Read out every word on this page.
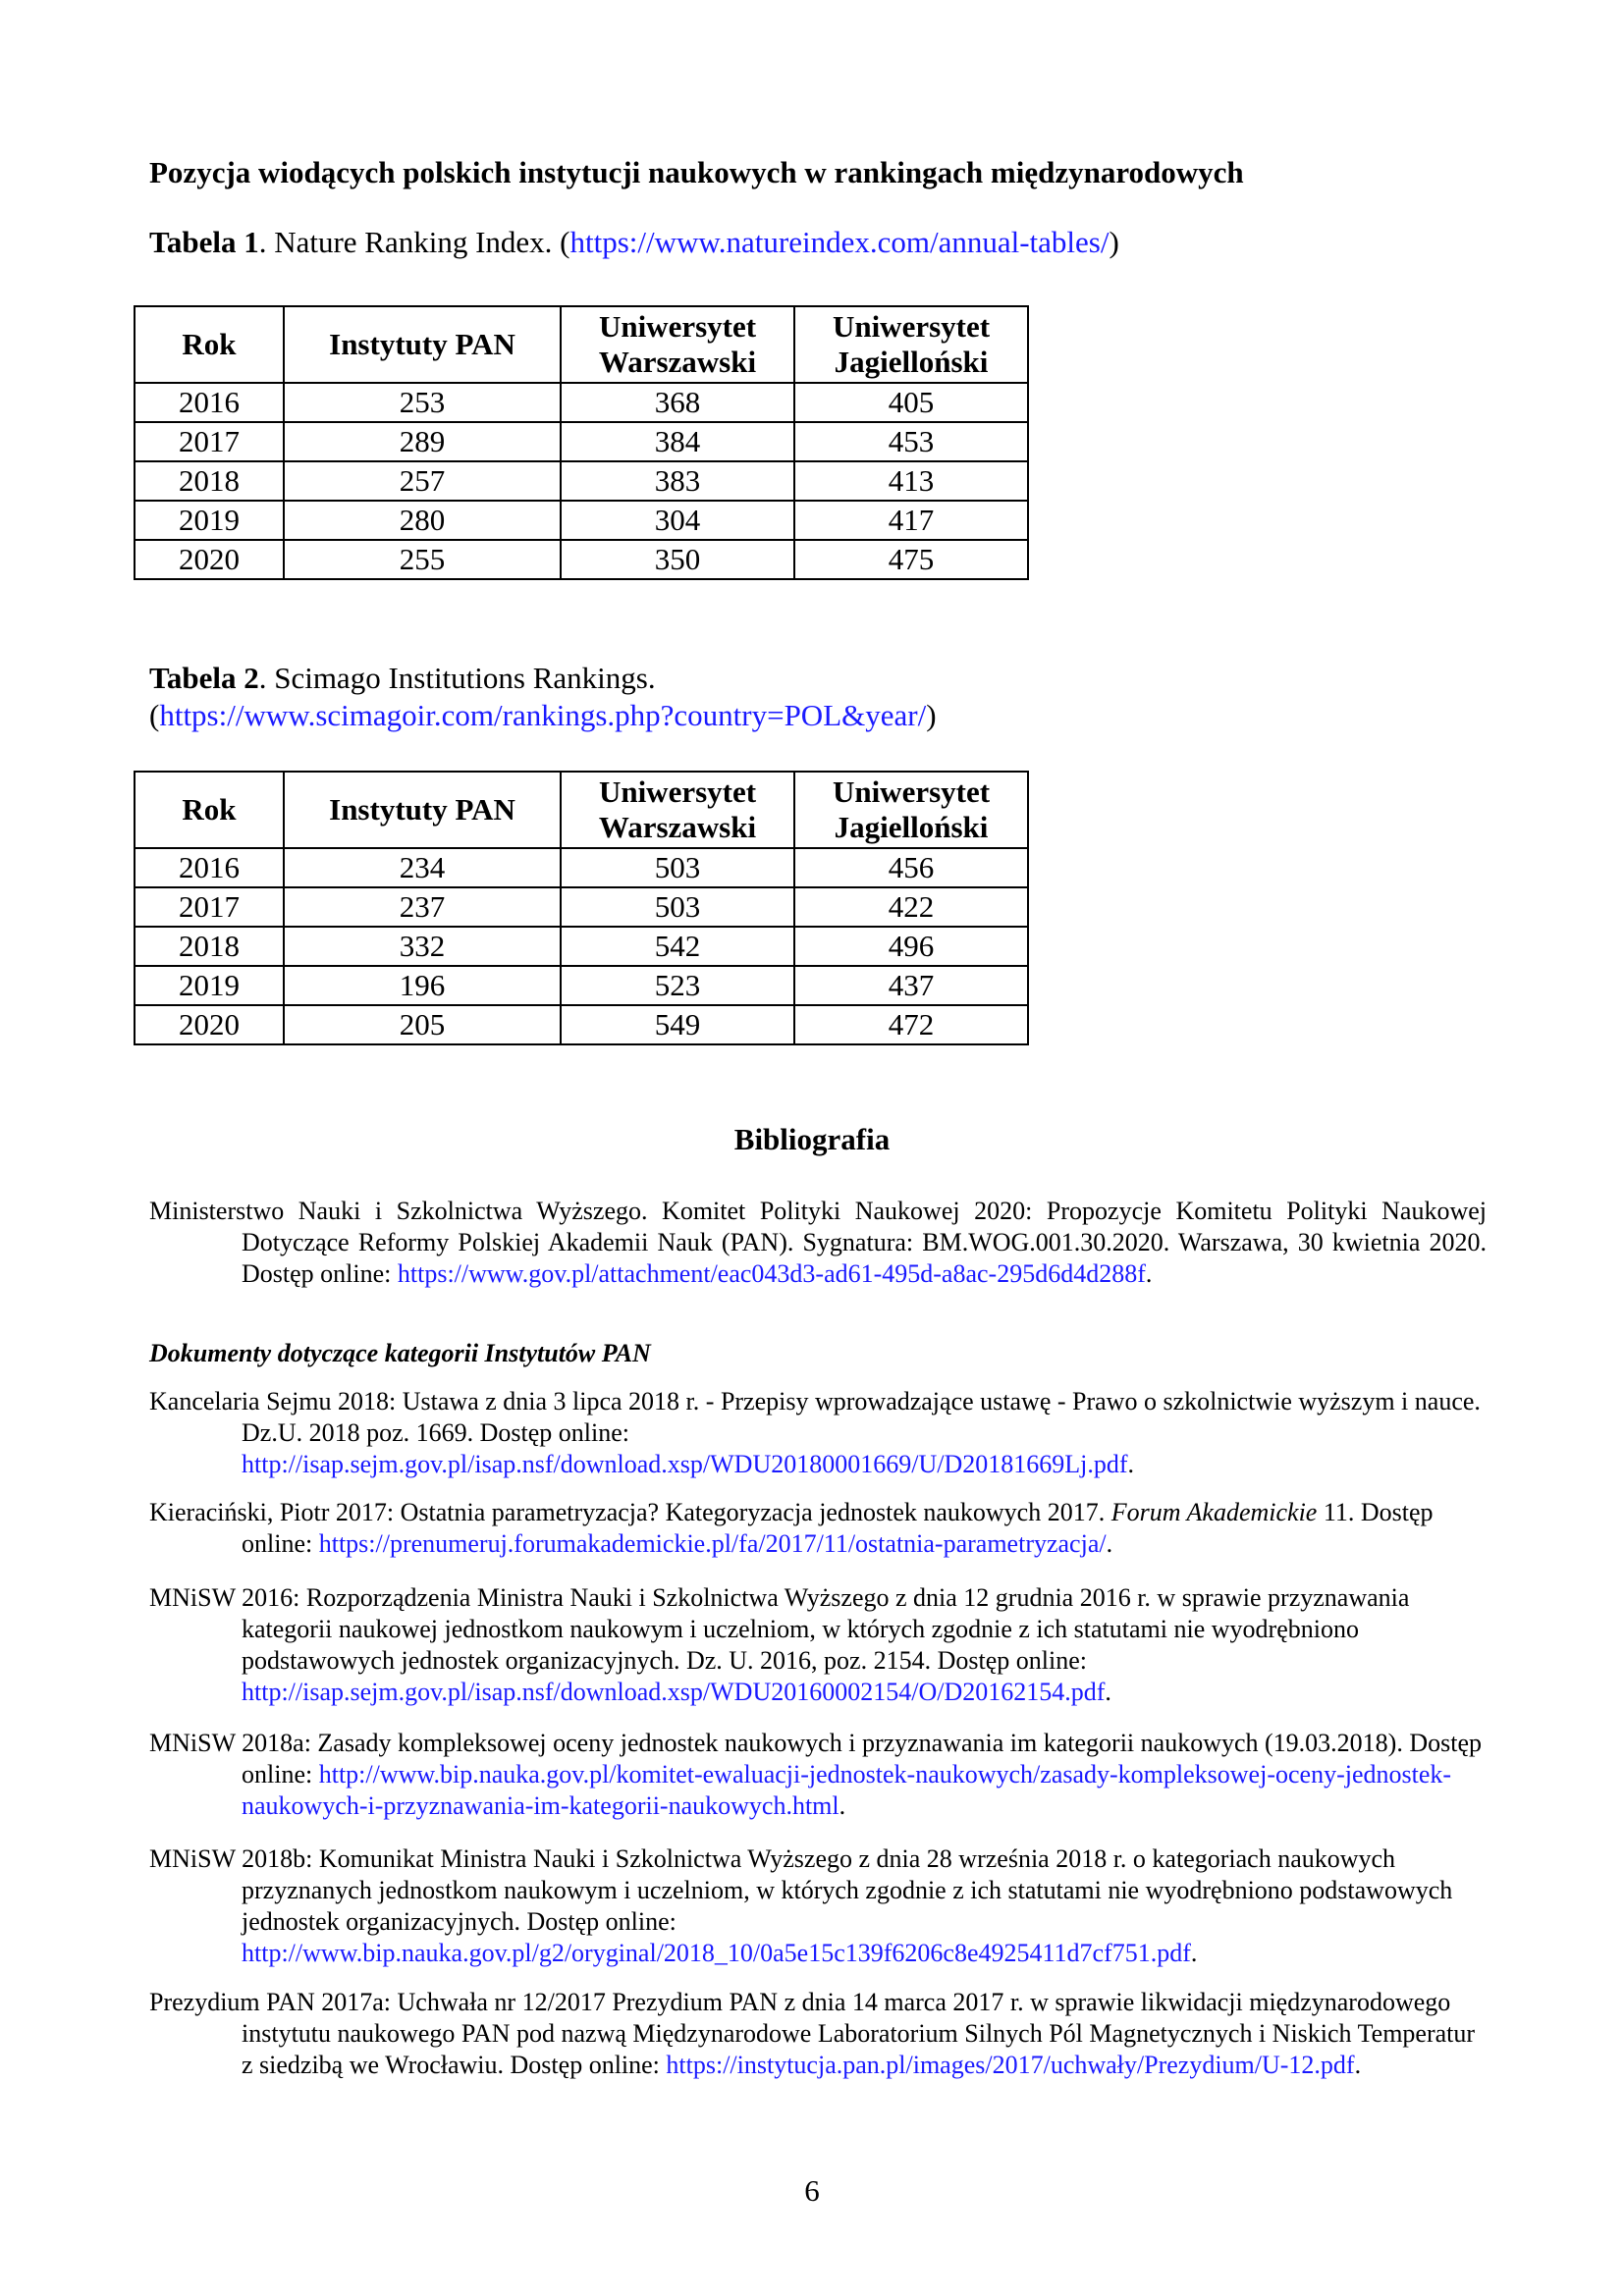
Pozycja wiodących polskich instytucji naukowych w rankingach międzynarodowych
Tabela 1. Nature Ranking Index. (https://www.natureindex.com/annual-tables/)
Rok	Instytuty PAN	Uniwersytet Warszawski	Uniwersytet Jagielloński
2016	253	368	405
2017	289	384	453
2018	257	383	413
2019	280	304	417
2020	255	350	475
Tabela 2. Scimago Institutions Rankings.
(https://www.scimagoir.com/rankings.php?country=POL&year/)
Rok	Instytuty PAN	Uniwersytet Warszawski	Uniwersytet Jagielloński
2016	234	503	456
2017	237	503	422
2018	332	542	496
2019	196	523	437
2020	205	549	472
Bibliografia
Ministerstwo Nauki i Szkolnictwa Wyższego. Komitet Polityki Naukowej 2020: Propozycje Komitetu Polityki Naukowej Dotyczące Reformy Polskiej Akademii Nauk (PAN). Sygnatura: BM.WOG.001.30.2020. Warszawa, 30 kwietnia 2020. Dostęp online: https://www.gov.pl/attachment/eac043d3-ad61-495d-a8ac-295d6d4d288f.
Dokumenty dotyczące kategorii Instytutów PAN
Kancelaria Sejmu 2018: Ustawa z dnia 3 lipca 2018 r. - Przepisy wprowadzające ustawę - Prawo o szkolnictwie wyższym i nauce. Dz.U. 2018 poz. 1669. Dostęp online: http://isap.sejm.gov.pl/isap.nsf/download.xsp/WDU20180001669/U/D20181669Lj.pdf.
Kieraciński, Piotr 2017: Ostatnia parametryzacja? Kategoryzacja jednostek naukowych 2017. Forum Akademickie 11. Dostęp online: https://prenumeruj.forumakademickie.pl/fa/2017/11/ostatnia-parametryzacja/.
MNiSW 2016: Rozporządzenia Ministra Nauki i Szkolnictwa Wyższego z dnia 12 grudnia 2016 r. w sprawie przyznawania kategorii naukowej jednostkom naukowym i uczelniom, w których zgodnie z ich statutami nie wyodrębniono podstawowych jednostek organizacyjnych. Dz. U. 2016, poz. 2154. Dostęp online: http://isap.sejm.gov.pl/isap.nsf/download.xsp/WDU20160002154/O/D20162154.pdf.
MNiSW 2018a: Zasady kompleksowej oceny jednostek naukowych i przyznawania im kategorii naukowych (19.03.2018). Dostęp online: http://www.bip.nauka.gov.pl/komitet-ewaluacji-jednostek-naukowych/zasady-kompleksowej-oceny-jednostek-naukowych-i-przyznawania-im-kategorii-naukowych.html.
MNiSW 2018b: Komunikat Ministra Nauki i Szkolnictwa Wyższego z dnia 28 września 2018 r. o kategoriach naukowych przyznanych jednostkom naukowym i uczelniom, w których zgodnie z ich statutami nie wyodrębniono podstawowych jednostek organizacyjnych. Dostęp online: http://www.bip.nauka.gov.pl/g2/oryginal/2018_10/0a5e15c139f6206c8e4925411d7cf751.pdf.
Prezydium PAN 2017a: Uchwała nr 12/2017 Prezydium PAN z dnia 14 marca 2017 r. w sprawie likwidacji międzynarodowego instytutu naukowego PAN pod nazwą Międzynarodowe Laboratorium Silnych Pól Magnetycznych i Niskich Temperatur z siedzibą we Wrocławiu. Dostęp online: https://instytucja.pan.pl/images/2017/uchwały/Prezydium/U-12.pdf.
6
